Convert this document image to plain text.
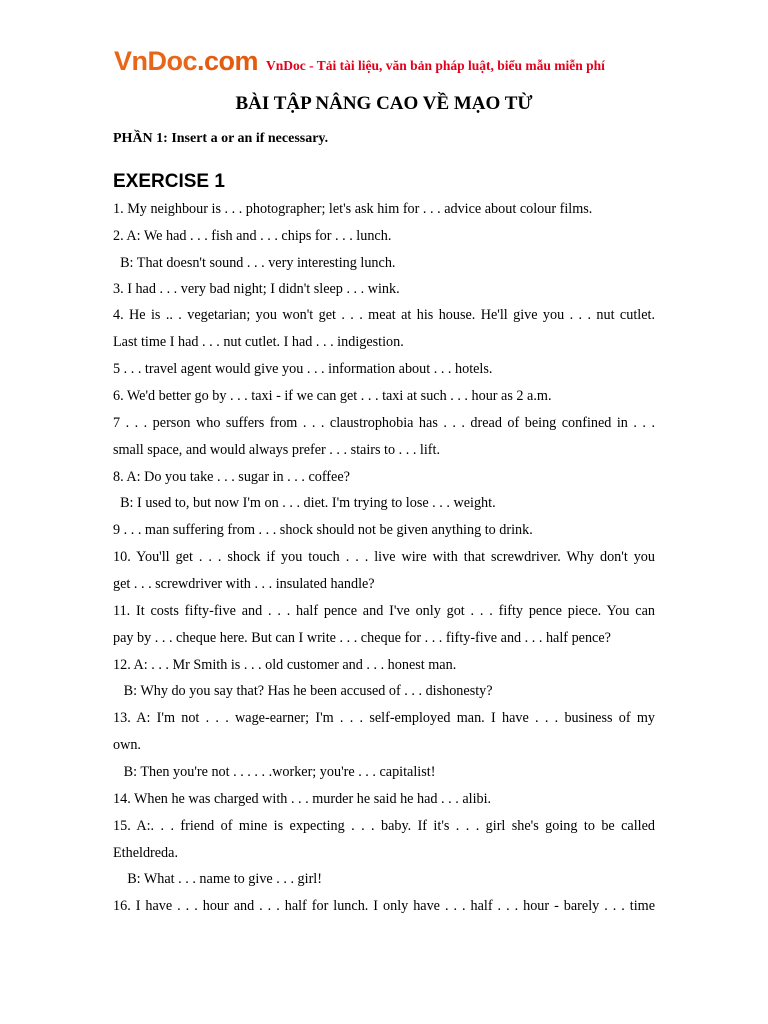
VnDoc.com VnDoc - Tải tài liệu, văn bản pháp luật, biểu mẫu miễn phí
BÀI TẬP NÂNG CAO VỀ MẠO TỪ
PHẦN 1: Insert a or an if necessary.
EXERCISE 1
1. My neighbour is . . . photographer; let's ask him for . . . advice about colour films.
2. A: We had . . . fish and . . . chips for . . . lunch.
B: That doesn't sound . . . very interesting lunch.
3. I had . . . very bad night; I didn't sleep . . . wink.
4. He is .. . vegetarian; you won't get . . . meat at his house. He'll give you . . . nut cutlet.
Last time I had . . . nut cutlet. I had . . . indigestion.
5 . . . travel agent would give you . . . information about . . . hotels.
6. We'd better go by . . . taxi - if we can get . . . taxi at such . . . hour as 2 a.m.
7 . . . person who suffers from . . . claustrophobia has . . . dread of being confined in . . .
small space, and would always prefer . . . stairs to . . . lift.
8. A: Do you take . . . sugar in . . . coffee?
B: I used to, but now I'm on . . . diet. I'm trying to lose . . . weight.
9 . . . man suffering from . . . shock should not be given anything to drink.
10. You'll get . . . shock if you touch . . . live wire with that screwdriver. Why don't you
get . . . screwdriver with . . . insulated handle?
11. It costs fifty-five and . . . half pence and I've only got . . . fifty pence piece. You can
pay by . . . cheque here. But can I write . . . cheque for . . . fifty-five and . . . half pence?
12. A: . . . Mr Smith is . . . old customer and . . . honest man.
B: Why do you say that? Has he been accused of . . . dishonesty?
13. A: I'm not . . . wage-earner; I'm . . . self-employed man. I have . . . business of my
own.
B: Then you're not . . . . . .worker; you're . . . capitalist!
14. When he was charged with . . . murder he said he had . . . alibi.
15. A:. . . friend of mine is expecting . . . baby. If it's . . . girl she's going to be called
Etheldreda.
B: What . . . name to give . . . girl!
16. I have . . . hour and . . . half for lunch. I only have . . . half . . . hour - barely . . . time
